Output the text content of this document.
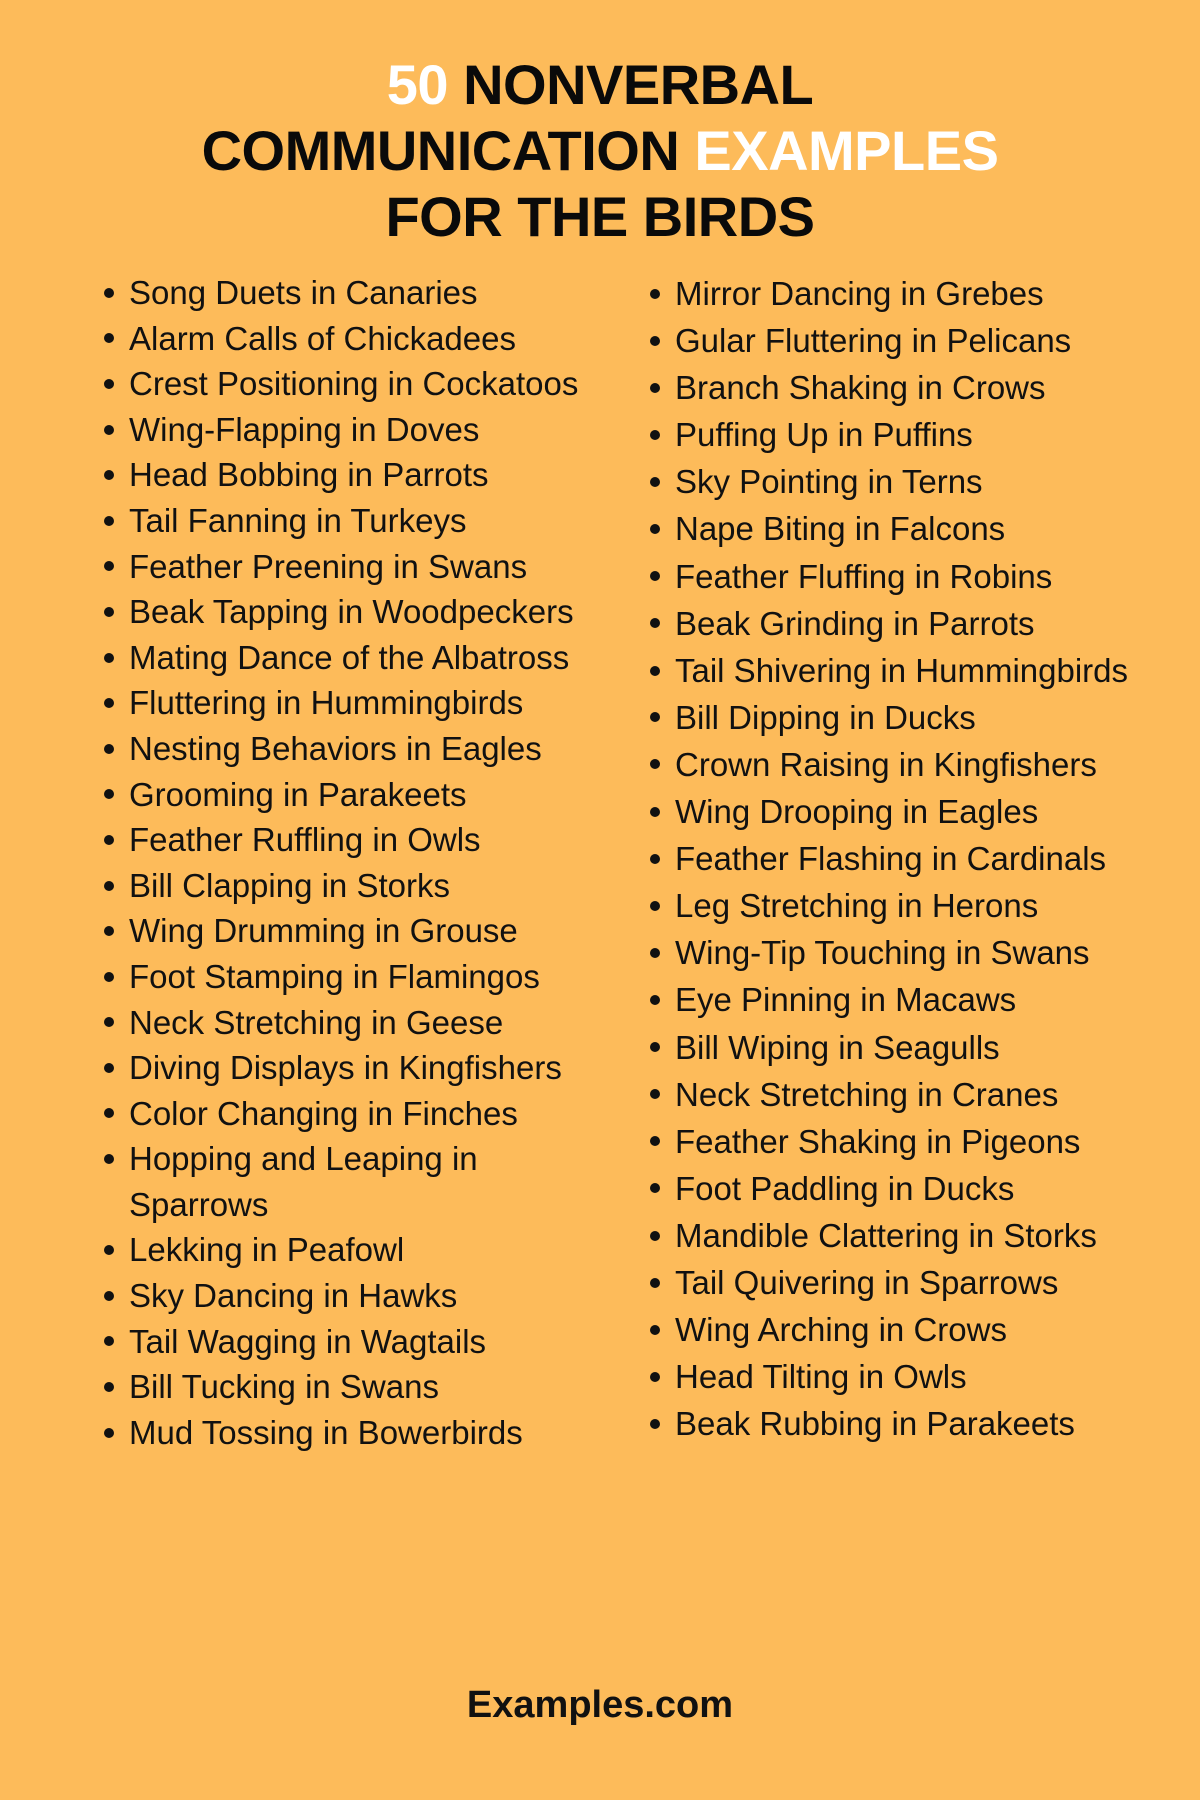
50 NONVERBAL
COMMUNICATION EXAMPLES
FOR THE BIRDS
Song Duets in Canaries
Alarm Calls of Chickadees
Crest Positioning in Cockatoos
Wing-Flapping in Doves
Head Bobbing in Parrots
Tail Fanning in Turkeys
Feather Preening in Swans
Beak Tapping in Woodpeckers
Mating Dance of the Albatross
Fluttering in Hummingbirds
Nesting Behaviors in Eagles
Grooming in Parakeets
Feather Ruffling in Owls
Bill Clapping in Storks
Wing Drumming in Grouse
Foot Stamping in Flamingos
Neck Stretching in Geese
Diving Displays in Kingfishers
Color Changing in Finches
Hopping and Leaping in Sparrows
Lekking in Peafowl
Sky Dancing in Hawks
Tail Wagging in Wagtails
Bill Tucking in Swans
Mud Tossing in Bowerbirds
Mirror Dancing in Grebes
Gular Fluttering in Pelicans
Branch Shaking in Crows
Puffing Up in Puffins
Sky Pointing in Terns
Nape Biting in Falcons
Feather Fluffing in Robins
Beak Grinding in Parrots
Tail Shivering in Hummingbirds
Bill Dipping in Ducks
Crown Raising in Kingfishers
Wing Drooping in Eagles
Feather Flashing in Cardinals
Leg Stretching in Herons
Wing-Tip Touching in Swans
Eye Pinning in Macaws
Bill Wiping in Seagulls
Neck Stretching in Cranes
Feather Shaking in Pigeons
Foot Paddling in Ducks
Mandible Clattering in Storks
Tail Quivering in Sparrows
Wing Arching in Crows
Head Tilting in Owls
Beak Rubbing in Parakeets
Examples.com
